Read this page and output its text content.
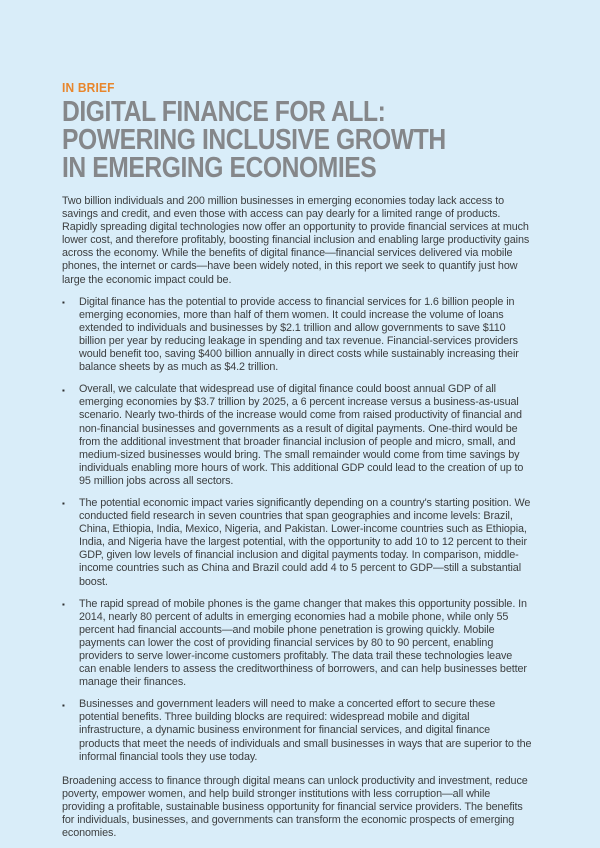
IN BRIEF

DIGITAL FINANCE FOR ALL:
POWERING INCLUSIVE GROWTH
IN EMERGING ECONOMIES

Two billion individuals and 200 million businesses in emerging economies today lack access to savings and credit, and even those with access can pay dearly for a limited range of products. Rapidly spreading digital technologies now offer an opportunity to provide financial services at much lower cost, and therefore profitably, boosting financial inclusion and enabling large productivity gains across the economy. While the benefits of digital finance—financial services delivered via mobile phones, the internet or cards—have been widely noted, in this report we seek to quantify just how large the economic impact could be.

▪	Digital finance has the potential to provide access to financial services for 1.6 billion people in emerging economies, more than half of them women. It could increase the volume of loans extended to individuals and businesses by $2.1 trillion and allow governments to save $110 billion per year by reducing leakage in spending and tax revenue. Financial-services providers would benefit too, saving $400 billion annually in direct costs while sustainably increasing their balance sheets by as much as $4.2 trillion.
▪	Overall, we calculate that widespread use of digital finance could boost annual GDP of all emerging economies by $3.7 trillion by 2025, a 6 percent increase versus a business-as-usual scenario. Nearly two-thirds of the increase would come from raised productivity of financial and non-financial businesses and governments as a result of digital payments. One-third would be from the additional investment that broader financial inclusion of people and micro, small, and medium-sized businesses would bring. The small remainder would come from time savings by individuals enabling more hours of work. This additional GDP could lead to the creation of up to 95 million jobs across all sectors.
▪	The potential economic impact varies significantly depending on a country's starting position. We conducted field research in seven countries that span geographies and income levels: Brazil, China, Ethiopia, India, Mexico, Nigeria, and Pakistan. Lower-income countries such as Ethiopia, India, and Nigeria have the largest potential, with the opportunity to add 10 to 12 percent to their GDP, given low levels of financial inclusion and digital payments today. In comparison, middle-income countries such as China and Brazil could add 4 to 5 percent to GDP—still a substantial boost.
▪	The rapid spread of mobile phones is the game changer that makes this opportunity possible. In 2014, nearly 80 percent of adults in emerging economies had a mobile phone, while only 55 percent had financial accounts—and mobile phone penetration is growing quickly. Mobile payments can lower the cost of providing financial services by 80 to 90 percent, enabling providers to serve lower-income customers profitably. The data trail these technologies leave can enable lenders to assess the creditworthiness of borrowers, and can help businesses better manage their finances.
▪	Businesses and government leaders will need to make a concerted effort to secure these potential benefits. Three building blocks are required: widespread mobile and digital infrastructure, a dynamic business environment for financial services, and digital finance products that meet the needs of individuals and small businesses in ways that are superior to the informal financial tools they use today.

Broadening access to finance through digital means can unlock productivity and investment, reduce poverty, empower women, and help build stronger institutions with less corruption—all while providing a profitable, sustainable business opportunity for financial service providers. The benefits for individuals, businesses, and governments can transform the economic prospects of emerging economies.
